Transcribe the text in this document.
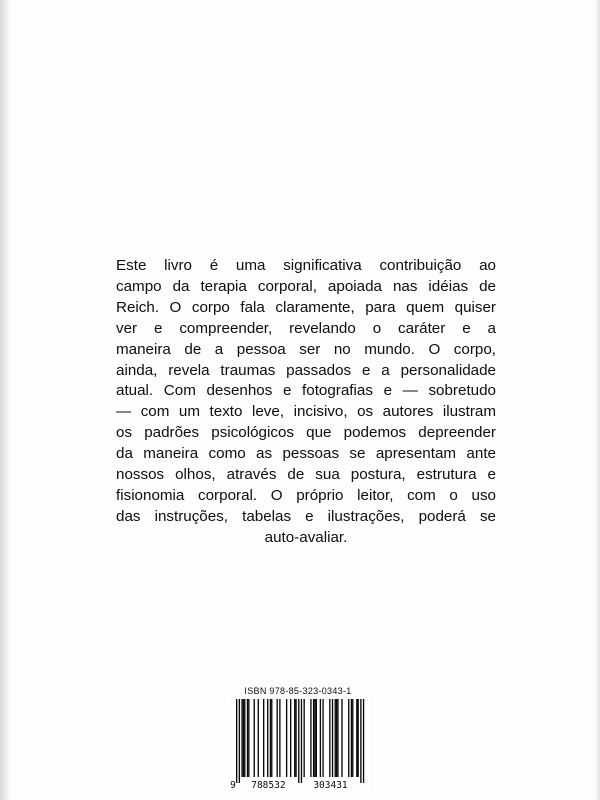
Este livro é uma significativa contribuição ao
campo da terapia corporal, apoiada nas idéias de
Reich. O corpo fala claramente, para quem quiser
ver e compreender, revelando o caráter e a
maneira de a pessoa ser no mundo. O corpo,
ainda, revela traumas passados e a personalidade
atual. Com desenhos e fotografias e — sobretudo
— com um texto leve, incisivo, os autores ilustram
os padrões psicológicos que podemos depreender
da maneira como as pessoas se apresentam ante
nossos olhos, através de sua postura, estrutura e
fisionomia corporal. O próprio leitor, com o uso
das instruções, tabelas e ilustrações, poderá se
auto-avaliar.

ISBN 978-85-323-0343-1

9 788532	303431
